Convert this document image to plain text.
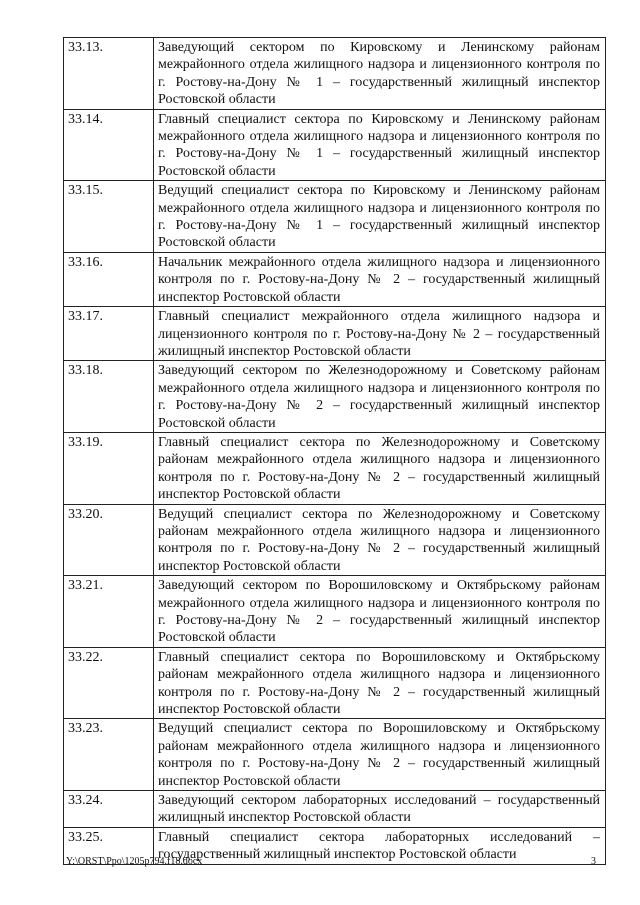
33.13.	Заведующий сектором по Кировскому и Ленинскому районам межрайонного отдела жилищного надзора и лицензионного контроля по г. Ростову-на-Дону № 1 – государственный жилищный инспектор Ростовской области
33.14.	Главный специалист сектора по Кировскому и Ленинскому районам межрайонного отдела жилищного надзора и лицензионного контроля по г. Ростову-на-Дону № 1 – государственный жилищный инспектор Ростовской области
33.15.	Ведущий специалист сектора по Кировскому и Ленинскому районам межрайонного отдела жилищного надзора и лицензионного контроля по г. Ростову-на-Дону № 1 – государственный жилищный инспектор Ростовской области
33.16.	Начальник межрайонного отдела жилищного надзора и лицензионного контроля по г. Ростову-на-Дону № 2 – государственный жилищный инспектор Ростовской области
33.17.	Главный специалист межрайонного отдела жилищного надзора и лицензионного контроля по г. Ростову-на-Дону № 2 – государственный жилищный инспектор Ростовской области
33.18.	Заведующий сектором по Железнодорожному и Советскому районам межрайонного отдела жилищного надзора и лицензионного контроля по г. Ростову-на-Дону № 2 – государственный жилищный инспектор Ростовской области
33.19.	Главный специалист сектора по Железнодорожному и Советскому районам межрайонного отдела жилищного надзора и лицензионного контроля по г. Ростову-на-Дону № 2 – государственный жилищный инспектор Ростовской области
33.20.	Ведущий специалист сектора по Железнодорожному и Советскому районам межрайонного отдела жилищного надзора и лицензионного контроля по г. Ростову-на-Дону № 2 – государственный жилищный инспектор Ростовской области
33.21.	Заведующий сектором по Ворошиловскому и Октябрьскому районам межрайонного отдела жилищного надзора и лицензионного контроля по г. Ростову-на-Дону № 2 – государственный жилищный инспектор Ростовской области
33.22.	Главный специалист сектора по Ворошиловскому и Октябрьскому районам межрайонного отдела жилищного надзора и лицензионного контроля по г. Ростову-на-Дону № 2 – государственный жилищный инспектор Ростовской области
33.23.	Ведущий специалист сектора по Ворошиловскому и Октябрьскому районам межрайонного отдела жилищного надзора и лицензионного контроля по г. Ростову-на-Дону № 2 – государственный жилищный инспектор Ростовской области
33.24.	Заведующий сектором лабораторных исследований – государственный жилищный инспектор Ростовской области
33.25.	Главный специалист сектора лабораторных исследований – государственный жилищный инспектор Ростовской области
Y:\ORST\Ppo\1205p794.f18.docx	3
